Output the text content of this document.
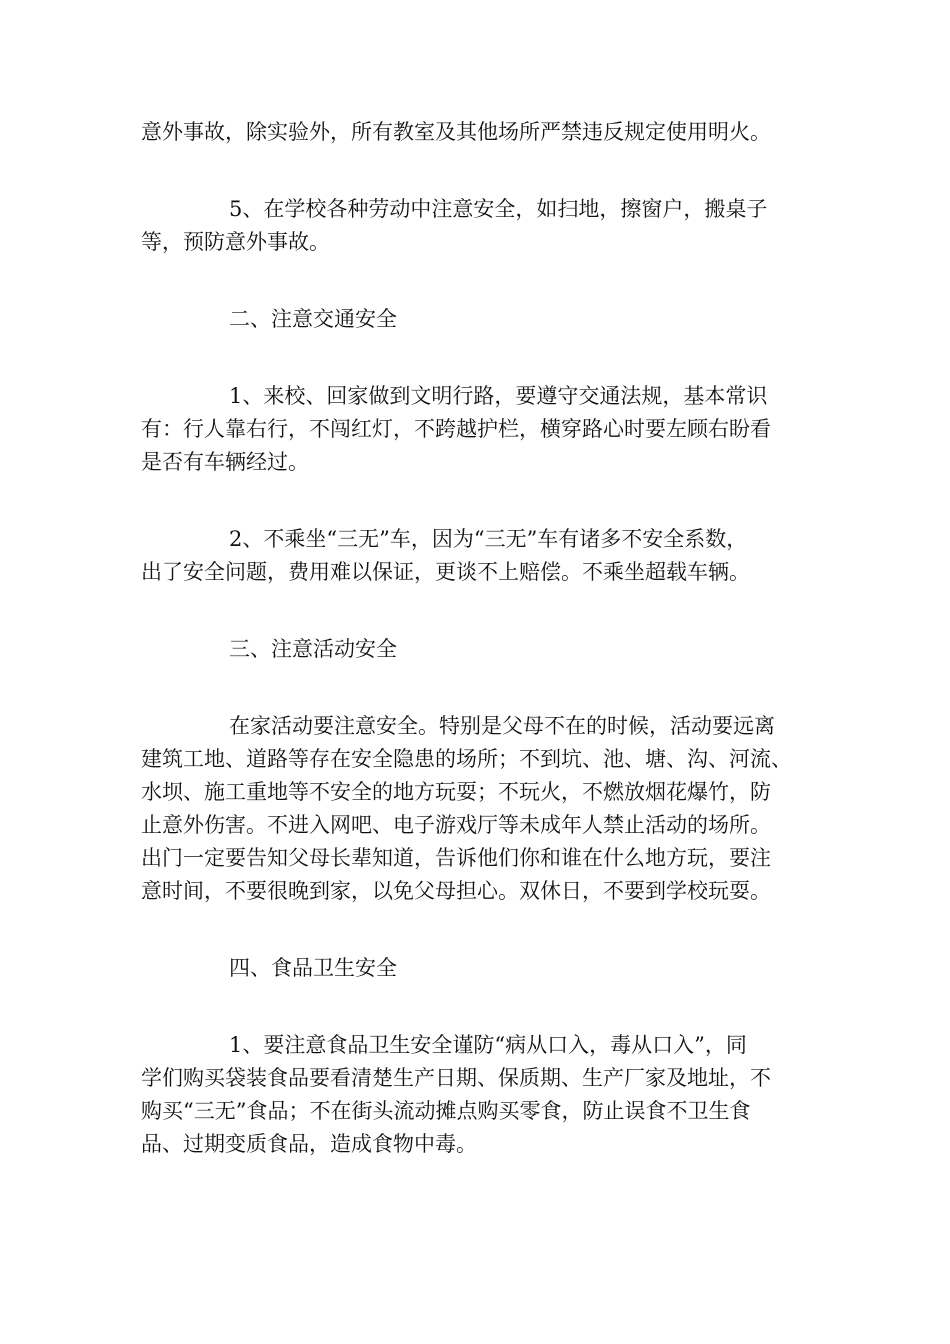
意外事故，除实验外，所有教室及其他场所严禁违反规定使用明火。
5、在学校各种劳动中注意安全，如扫地，擦窗户，搬桌子
等，预防意外事故。
二、注意交通安全
1、来校、回家做到文明行路，要遵守交通法规，基本常识
有：行人靠右行，不闯红灯，不跨越护栏，横穿路心时要左顾右盼看
是否有车辆经过。
2、不乘坐“三无”车，因为“三无”车有诸多不安全系数，
出了安全问题，费用难以保证，更谈不上赔偿。不乘坐超载车辆。
三、注意活动安全
在家活动要注意安全。特别是父母不在的时候，活动要远离
建筑工地、道路等存在安全隐患的场所；不到坑、池、塘、沟、河流、
水坝、施工重地等不安全的地方玩耍；不玩火，不燃放烟花爆竹，防
止意外伤害。不进入网吧、电子游戏厅等未成年人禁止活动的场所。
出门一定要告知父母长辈知道，告诉他们你和谁在什么地方玩，要注
意时间，不要很晚到家，以免父母担心。双休日，不要到学校玩耍。
四、食品卫生安全
1、要注意食品卫生安全谨防“病从口入，毒从口入”，同
学们购买袋装食品要看清楚生产日期、保质期、生产厂家及地址，不
购买“三无”食品；不在街头流动摊点购买零食，防止误食不卫生食
品、过期变质食品，造成食物中毒。
